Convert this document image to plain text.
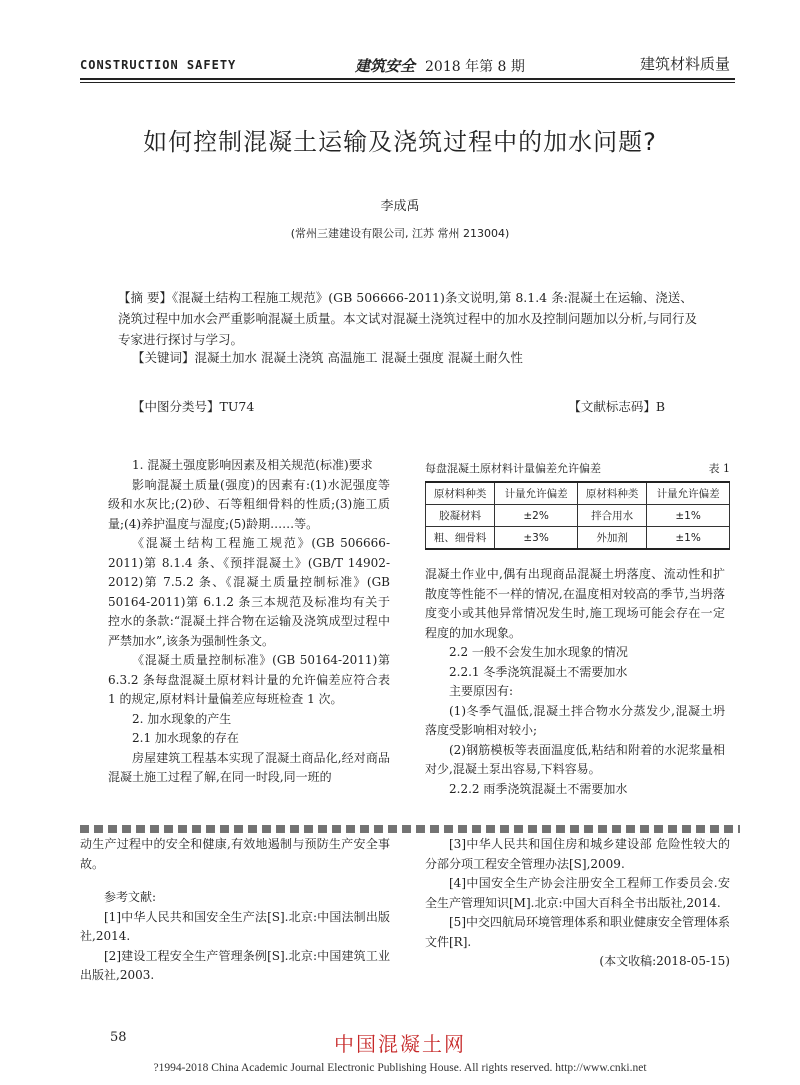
CONSTRUCTION SAFETY	建筑安全 2018 年第 8 期	建筑材料质量
如何控制混凝土运输及浇筑过程中的加水问题?
李成禹
(常州三建建设有限公司, 江苏 常州 213004)
【摘 要】《混凝土结构工程施工规范》(GB 506666-2011)条文说明,第 8.1.4 条:混凝土在运输、浇送、浇筑过程中加水会严重影响混凝土质量。本文试对混凝土浇筑过程中的加水及控制问题加以分析,与同行及专家进行探讨与学习。
【关键词】混凝土加水 混凝土浇筑 高温施工 混凝土强度 混凝土耐久性
【中图分类号】TU74	【文献标志码】B

1. 混凝土强度影响因素及相关规范(标准)要求

影响混凝土质量(强度)的因素有:(1)水泥强度等级和水灰比;(2)砂、石等粗细骨料的性质;(3)施工质量;(4)养护温度与湿度;(5)龄期……等。

《混凝土结构工程施工规范》(GB 506666-2011)第 8.1.4 条、《预拌混凝土》(GB/T 14902-2012)第 7.5.2 条、《混凝土质量控制标准》(GB 50164-2011)第 6.1.2 条三本规范及标准均有关于控水的条款:“混凝土拌合物在运输及浇筑成型过程中严禁加水”,该条为强制性条文。

《混凝土质量控制标准》(GB 50164-2011)第 6.3.2 条每盘混凝土原材料计量的允许偏差应符合表 1 的规定,原材料计量偏差应每班检查 1 次。

2. 加水现象的产生

2.1 加水现象的存在

房屋建筑工程基本实现了混凝土商品化,经对商品混凝土施工过程了解,在同一时段,同一班的

表 1
每盘混凝土原材料计量偏差允许偏差
原材料种类	计量允许偏差	原材料种类	计量允许偏差
胶凝材料	±2%	拌合用水	±1%
粗、细骨料	±3%	外加剂	±1%

混凝土作业中,偶有出现商品混凝土坍落度、流动性和扩散度等性能不一样的情况,在温度相对较高的季节,当坍落度变小或其他异常情况发生时,施工现场可能会存在一定程度的加水现象。

2.2 一般不会发生加水现象的情况

2.2.1 冬季浇筑混凝土不需要加水

主要原因有:

(1)冬季气温低,混凝土拌合物水分蒸发少,混凝土坍落度受影响相对较小;

(2)钢筋模板等表面温度低,粘结和附着的水泥浆量相对少,混凝土泵出容易,下料容易。

2.2.2 雨季浇筑混凝土不需要加水

动生产过程中的安全和健康,有效地遏制与预防生产安全事故。

参考文献:

[1]中华人民共和国安全生产法[S].北京:中国法制出版社,2014.

[2]建设工程安全生产管理条例[S].北京:中国建筑工业出版社,2003.

[3]中华人民共和国住房和城乡建设部 危险性较大的分部分项工程安全管理办法[S],2009.

[4]中国安全生产协会注册安全工程师工作委员会.安全生产管理知识[M].北京:中国大百科全书出版社,2014.

[5]中交四航局环境管理体系和职业健康安全管理体系文件[R].

(本文收稿:2018-05-15)

58	中国混凝土网
?1994-2018 China Academic Journal Electronic Publishing House. All rights reserved. http://www.cnki.net
